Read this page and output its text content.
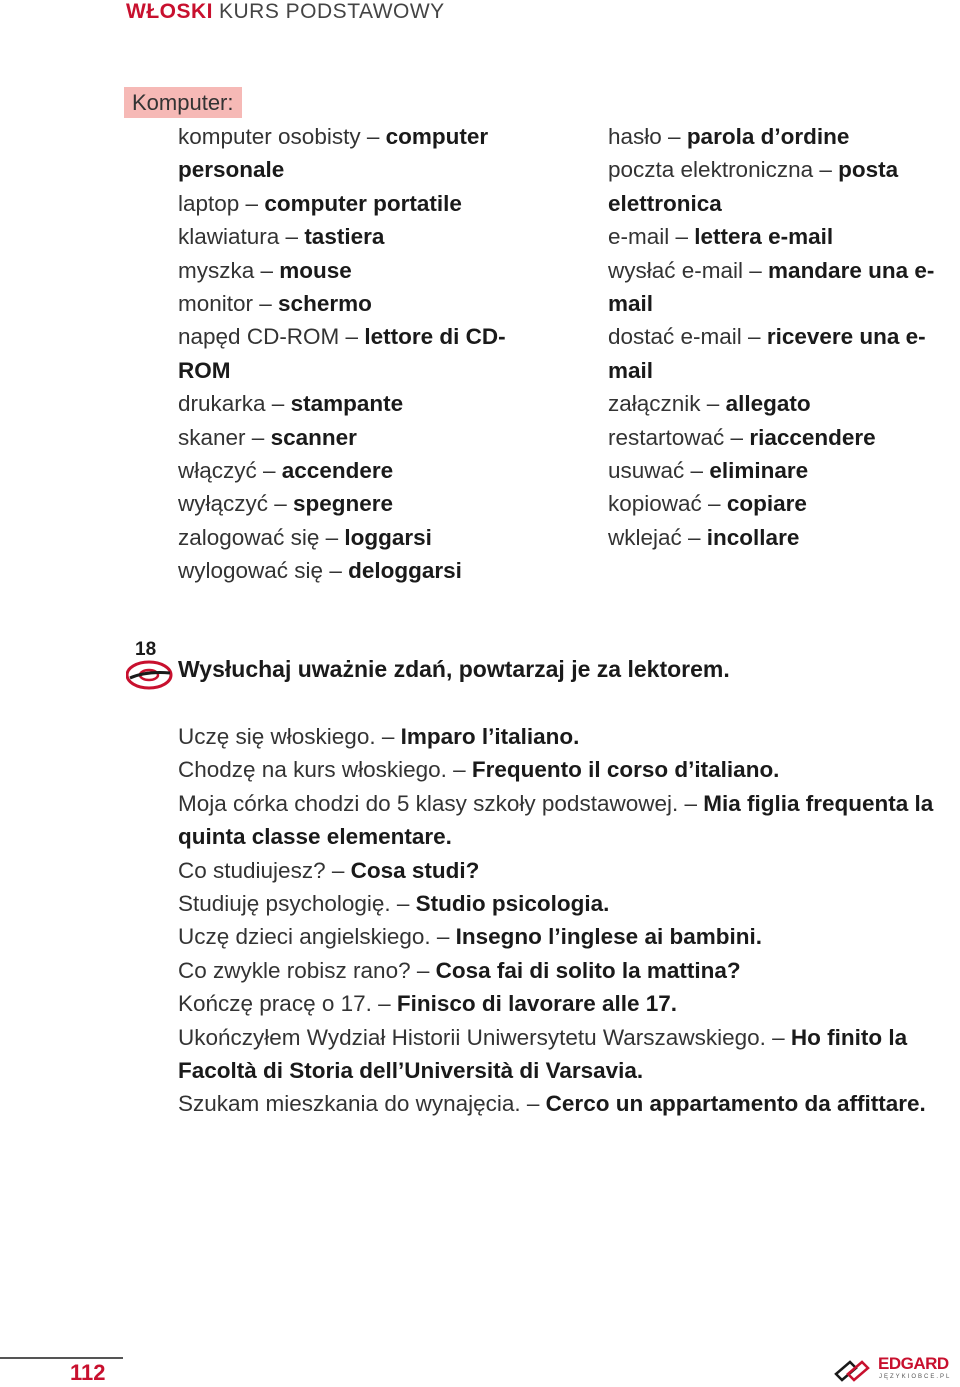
WŁOSKI KURS PODSTAWOWY
Komputer:

komputer osobisty – computer personale

laptop – computer portatile

klawiatura – tastiera

myszka – mouse

monitor – schermo

napęd CD-ROM – lettore di CD-ROM

drukarka – stampante

skaner – scanner

włączyć – accendere

wyłączyć – spegnere

zalogować się – loggarsi

wylogować się – deloggarsi

hasło – parola d’ordine

poczta elektroniczna – posta elettronica

e-mail – lettera e-mail

wysłać e-mail – mandare una e-mail

dostać e-mail – ricevere una e-mail

załącznik – allegato

restartować – riaccendere

usuwać – eliminare

kopiować – copiare

wklejać – incollare

18
Wysłuchaj uważnie zdań, powtarzaj je za lektorem.

Uczę się włoskiego. – Imparo l’italiano.

Chodzę na kurs włoskiego. – Frequento il corso d’italiano.

Moja córka chodzi do 5 klasy szkoły podstawowej. – Mia figlia frequenta la quinta classe elementare.

Co studiujesz? – Cosa studi?

Studiuję psychologię. – Studio psicologia.

Uczę dzieci angielskiego. – Insegno l’inglese ai bambini.

Co zwykle robisz rano? – Cosa fai di solito la mattina?

Kończę pracę o 17. – Finisco di lavorare alle 17.

Ukończyłem Wydział Historii Uniwersytetu Warszawskiego. – Ho finito la Facoltà di Storia dell’Università di Varsavia.

Szukam mieszkania do wynajęcia. – Cerco un appartamento da affittare.

112	EDGARD
JĘZYKIOBCE.PL
